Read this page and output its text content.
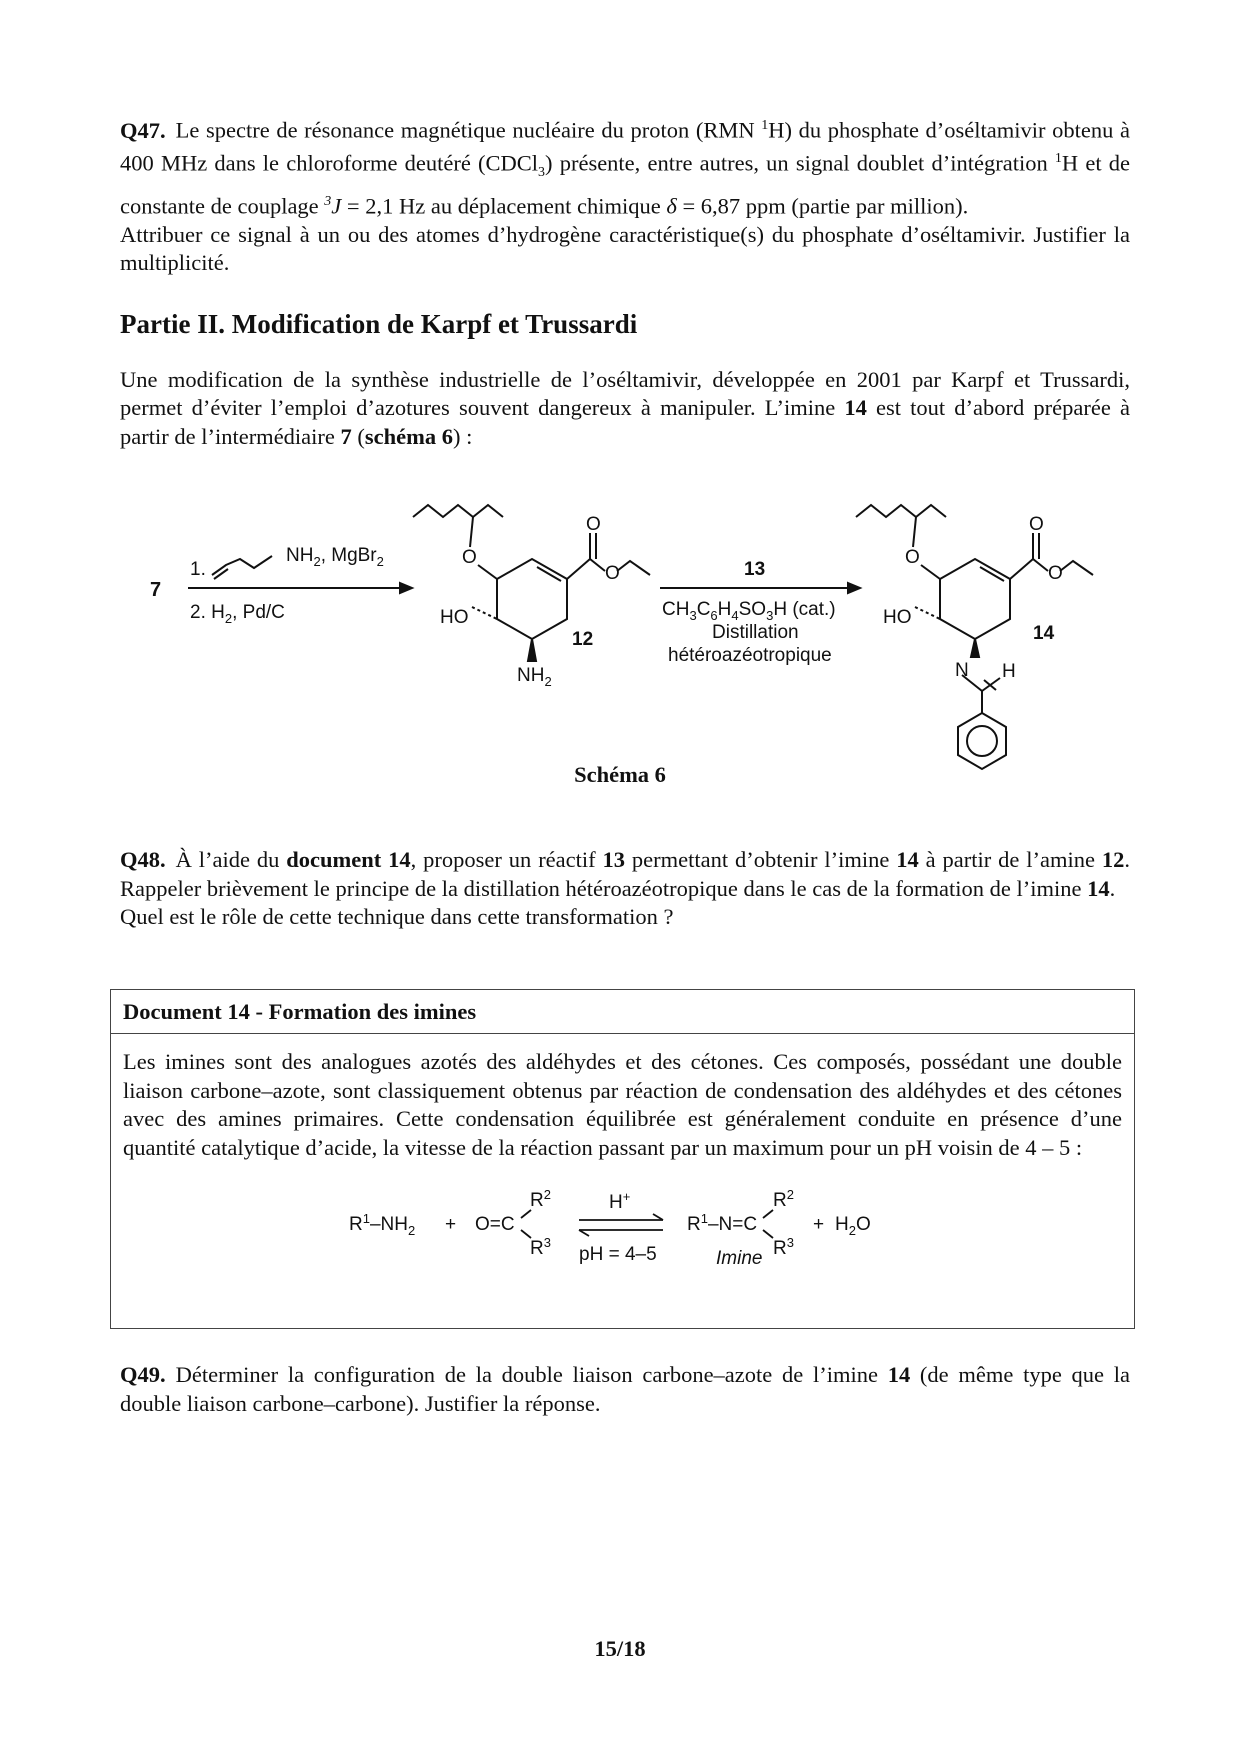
Q47. Le spectre de résonance magnétique nucléaire du proton (RMN $^1$H) du phosphate d’oséltamivir obtenu à 400 MHz dans le chloroforme deutéré (CDCl$_3$) présente, entre autres, un signal doublet d’intégration $^1$H et de constante de couplage $^3$J = 2,1 Hz au déplacement chimique δ = 6,87 ppm (partie par million).

Attribuer ce signal à un ou des atomes d’hydrogène caractéristique(s) du phosphate d’oséltamivir. Justifier la multiplicité.

Partie II. Modification de Karpf et Trussardi

Une modification de la synthèse industrielle de l’oséltamivir, développée en 2001 par Karpf et Trussardi, permet d’éviter l’emploi d’azotures souvent dangereux à manipuler. L’imine 14 est tout d’abord préparée à partir de l’intermédiaire 7 (schéma 6) :

7
1.
$NH_2$, MgBr$_2$
2. $H_2$, Pd/C
O
O
O
HO
$NH_2$
12
13
$CH_3C_6H_4SO_3H$ (cat.)
Distillation
hétéroazéotropique
O
O
O
HO
N H
14
Schéma 6

Q48. À l’aide du document 14, proposer un réactif 13 permettant d’obtenir l’imine 14 à partir de l’amine 12. Rappeler brièvement le principe de la distillation hétéroazéotropique dans le cas de la formation de l’imine 14.

Quel est le rôle de cette technique dans cette transformation ?

Document 14 - Formation des imines

Les imines sont des analogues azotés des aldéhydes et des cétones. Ces composés, possédant une double liaison carbone–azote, sont classiquement obtenus par réaction de condensation des aldéhydes et des cétones avec des amines primaires. Cette condensation équilibrée est généralement conduite en présence d’une quantité catalytique d’acide, la vitesse de la réaction passant par un maximum pour un pH voisin de 4 – 5 :

$R^1-NH_2 + O=C$
$R^2$
$R^3$
H+
pH = 4–5
$R^1-N=C$
$R^2$
$R^3$
Imine
+ $H_2O$

Q49. Déterminer la configuration de la double liaison carbone–azote de l’imine 14 (de même type que la double liaison carbone–carbone). Justifier la réponse.

15/18
